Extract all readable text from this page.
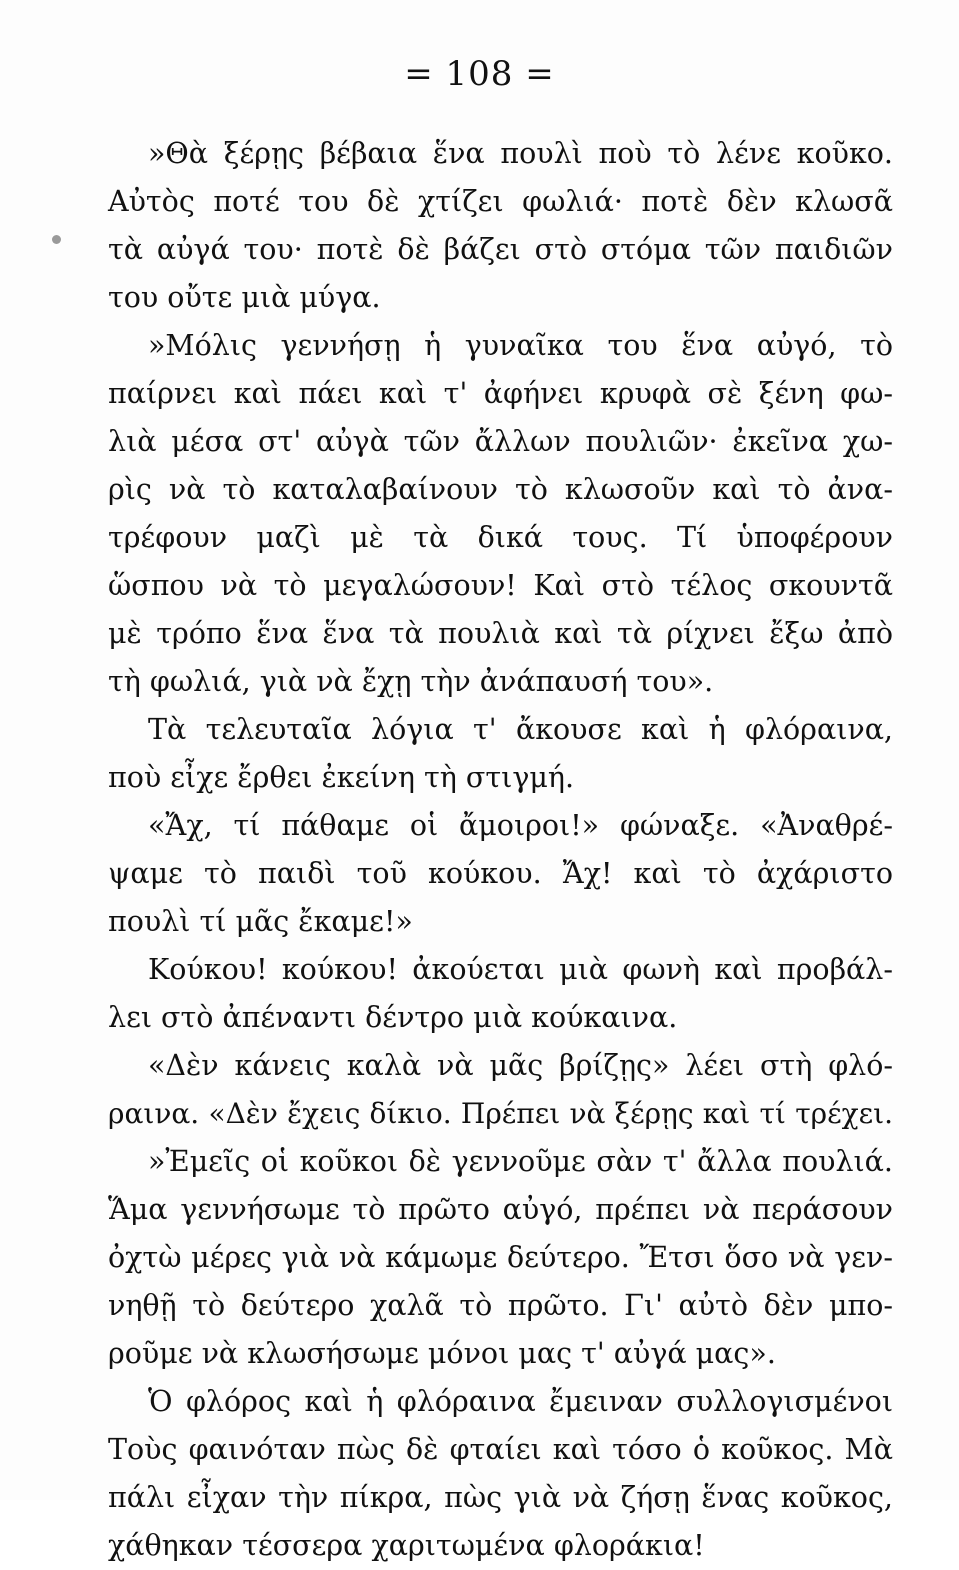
= 108 =
»Θὰ ξέρῃς βέβαια ἕνα πουλὶ ποὺ τὸ λένε κοῦκο.
Αὐτὸς ποτέ του δὲ χτίζει φωλιά· ποτὲ δὲν κλωσᾶ
τὰ αὐγά του· ποτὲ δὲ βάζει στὸ στόμα τῶν παιδιῶν
του οὔτε μιὰ μύγα.
»Μόλις γεννήσῃ ἡ γυναῖκα του ἕνα αὐγό, τὸ
παίρνει καὶ πάει καὶ τ' ἀφήνει κρυφὰ σὲ ξένη φω-
λιὰ μέσα στ' αὐγὰ τῶν ἄλλων πουλιῶν· ἐκεῖνα χω-
ρὶς νὰ τὸ καταλαβαίνουν τὸ κλωσοῦν καὶ τὸ ἀνα-
τρέφουν μαζὶ μὲ τὰ δικά τους. Τί ὑποφέρουν
ὥσπου νὰ τὸ μεγαλώσουν! Καὶ στὸ τέλος σκουντᾶ
μὲ τρόπο ἕνα ἕνα τὰ πουλιὰ καὶ τὰ ρίχνει ἔξω ἀπὸ
τὴ φωλιά, γιὰ νὰ ἔχῃ τὴν ἀνάπαυσή του».
Τὰ τελευταῖα λόγια τ' ἄκουσε καὶ ἡ φλόραινα,
ποὺ εἶχε ἔρθει ἐκείνη τὴ στιγμή.
«Ἄχ, τί πάθαμε οἱ ἄμοιροι!» φώναξε. «Ἀναθρέ-
ψαμε τὸ παιδὶ τοῦ κούκου. Ἄχ! καὶ τὸ ἀχάριστο
πουλὶ τί μᾶς ἔκαμε!»
Κούκου! κούκου! ἀκούεται μιὰ φωνὴ καὶ προβάλ-
λει στὸ ἀπέναντι δέντρο μιὰ κούκαινα.
«Δὲν κάνεις καλὰ νὰ μᾶς βρίζῃς» λέει στὴ φλό-
ραινα. «Δὲν ἔχεις δίκιο. Πρέπει νὰ ξέρῃς καὶ τί τρέχει.
»Ἐμεῖς οἱ κοῦκοι δὲ γεννοῦμε σὰν τ' ἄλλα πουλιά.
Ἅμα γεννήσωμε τὸ πρῶτο αὐγό, πρέπει νὰ περάσουν
ὀχτὼ μέρες γιὰ νὰ κάμωμε δεύτερο. Ἔτσι ὅσο νὰ γεν-
νηθῇ τὸ δεύτερο χαλᾶ τὸ πρῶτο. Γι' αὐτὸ δὲν μπο-
ροῦμε νὰ κλωσήσωμε μόνοι μας τ' αὐγά μας».
Ὁ φλόρος καὶ ἡ φλόραινα ἔμειναν συλλογισμένοι
Τοὺς φαινόταν πὼς δὲ φταίει καὶ τόσο ὁ κοῦκος. Μὰ
πάλι εἶχαν τὴν πίκρα, πὼς γιὰ νὰ ζήσῃ ἕνας κοῦκος,
χάθηκαν τέσσερα χαριτωμένα φλοράκια!
